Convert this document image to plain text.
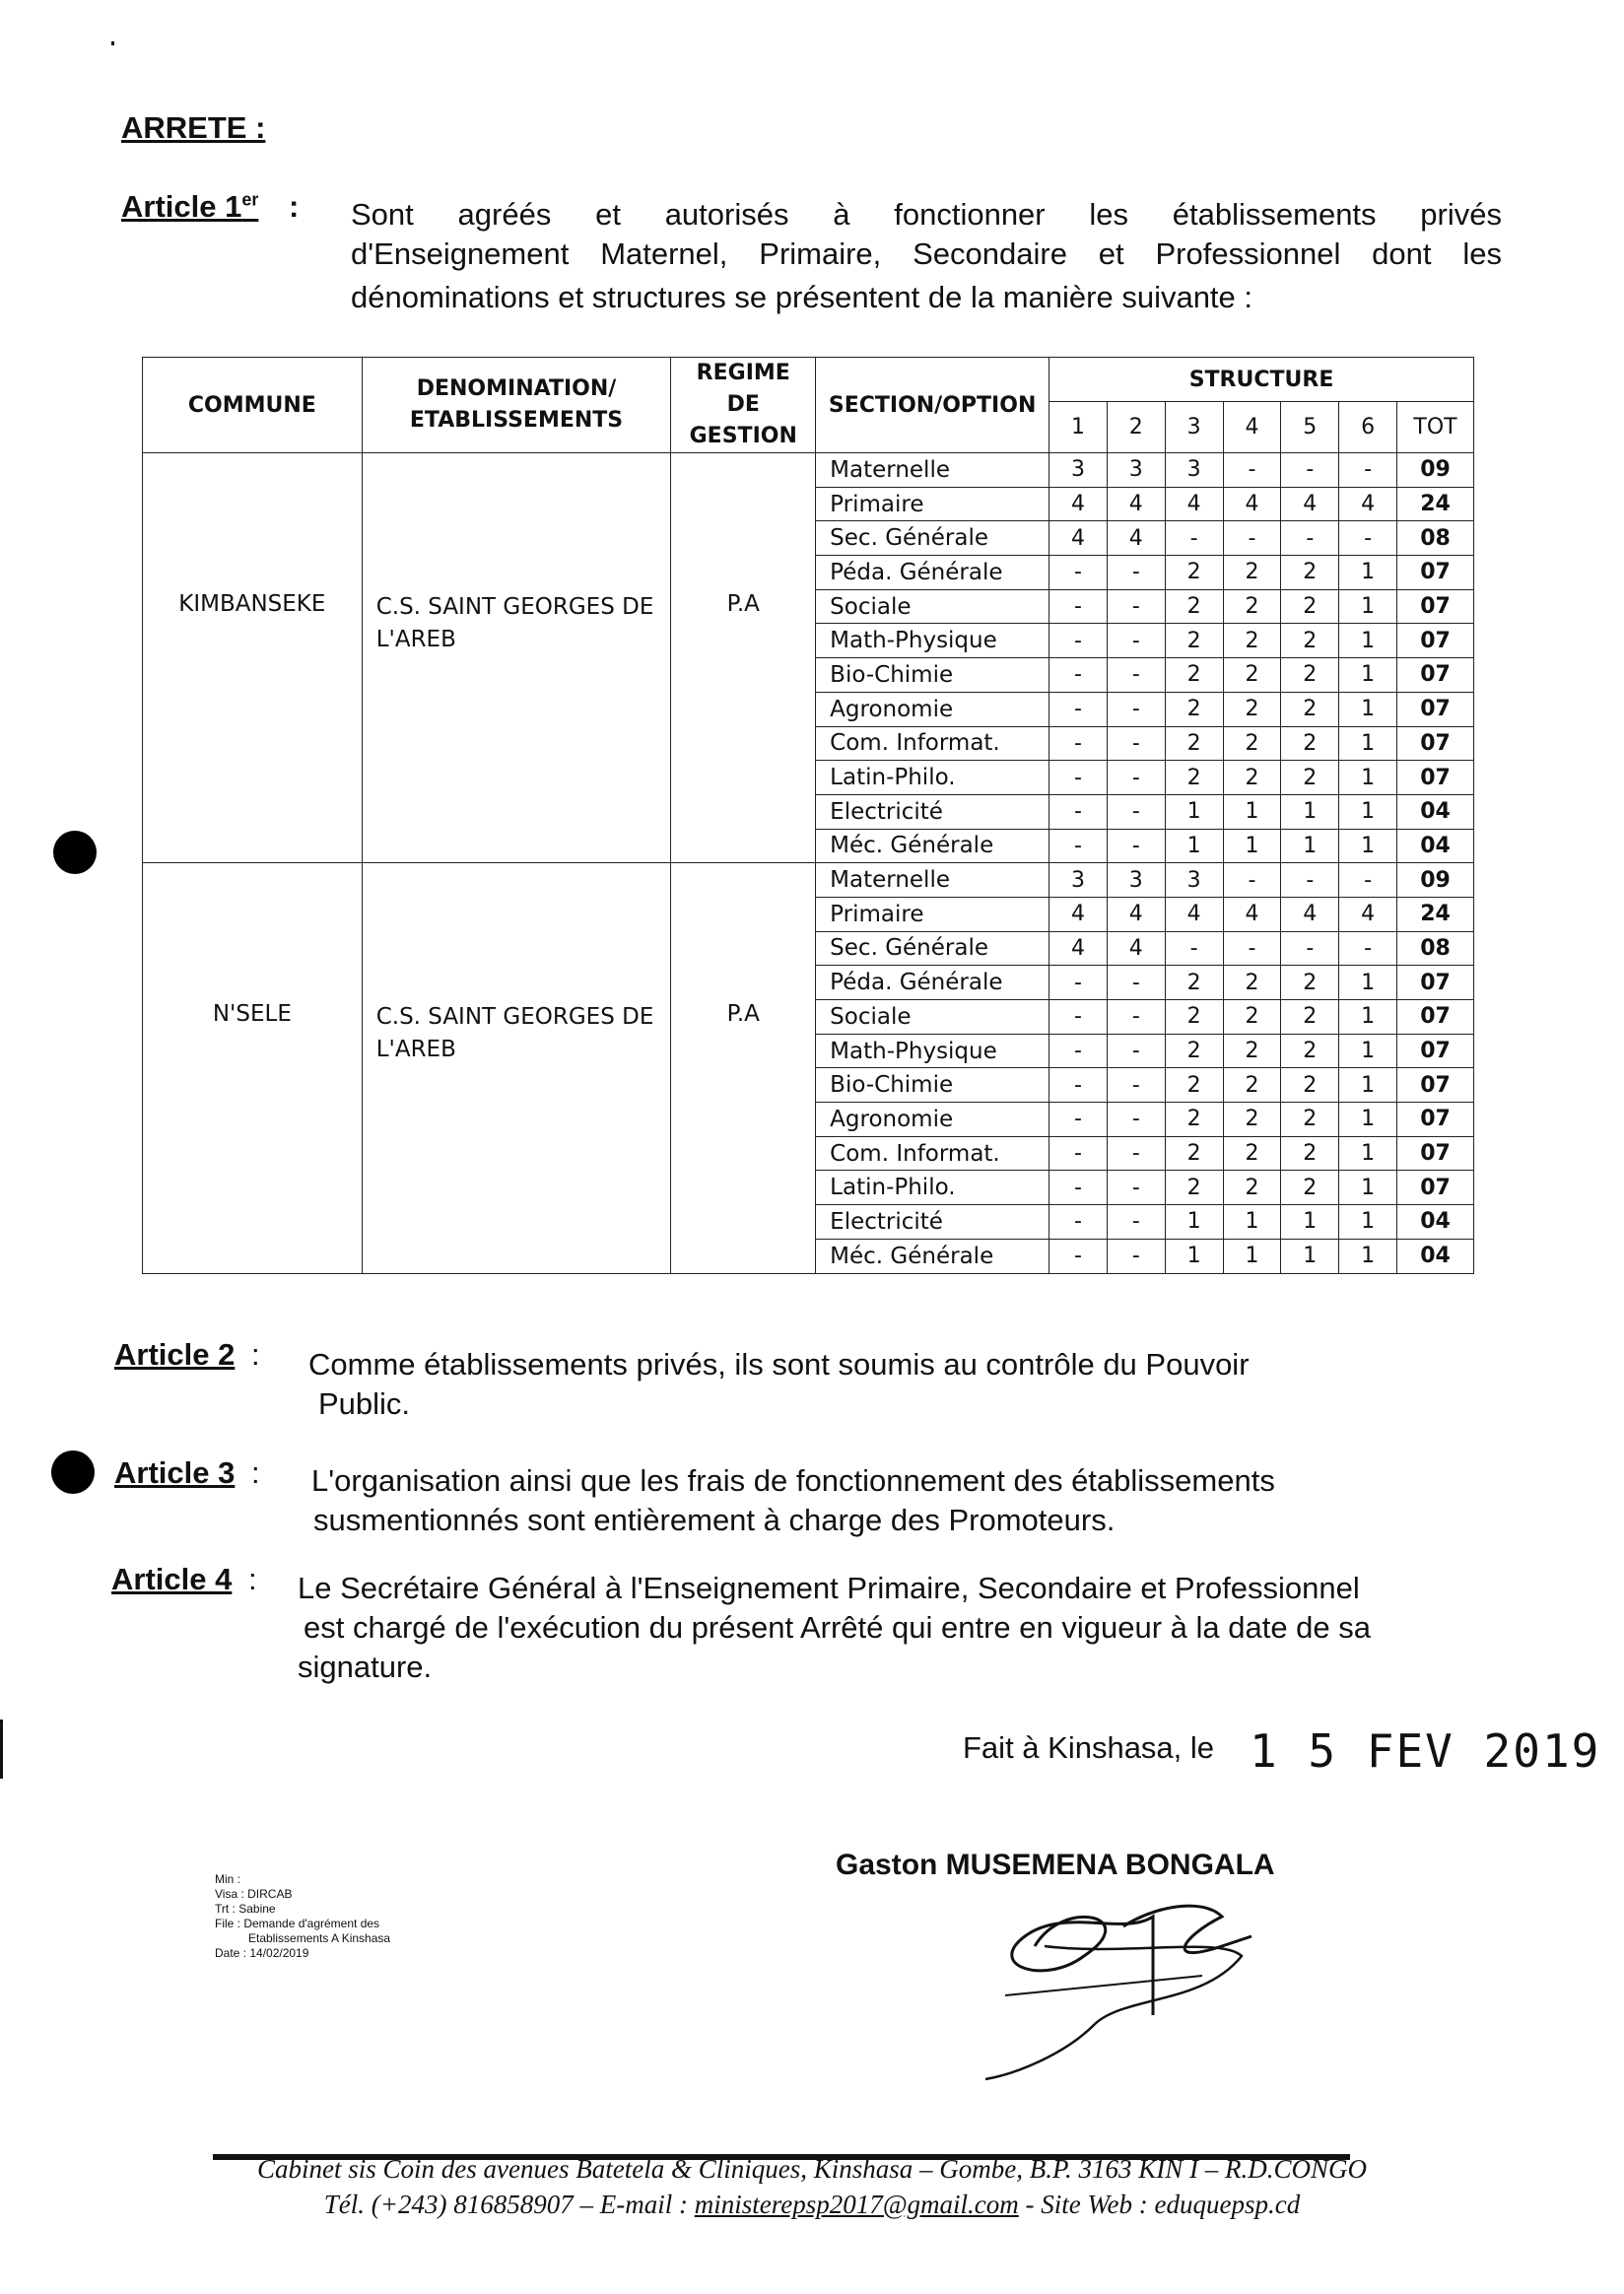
ARRETE :
Article 1er : Sont agréés et autorisés à fonctionner les établissements privés
d'Enseignement Maternel, Primaire, Secondaire et Professionnel dont les
dénominations et structures se présentent de la manière suivante :
COMMUNE	DENOMINATION/ ETABLISSEMENTS	REGIME
DE
GESTION	SECTION/OPTION	STRUCTURE						
				1	2	3	4	5	6	TOT

KIMBANSEKE	C.S. SAINT GEORGES DE L'AREB	P.A	Maternelle	3	3	3	-	-	-	09
			Primaire	4	4	4	4	4	4	24
			Sec. Générale	4	4	-	-	-	-	08
			Péda. Générale	-	-	2	2	2	1	07
			Sociale	-	-	2	2	2	1	07
			Math-Physique	-	-	2	2	2	1	07
			Bio-Chimie	-	-	2	2	2	1	07
			Agronomie	-	-	2	2	2	1	07
			Com. Informat.	-	-	2	2	2	1	07
			Latin-Philo.	-	-	2	2	2	1	07
			Electricité	-	-	1	1	1	1	04
			Méc. Générale	-	-	1	1	1	1	04

N'SELE	C.S. SAINT GEORGES DE L'AREB	P.A	Maternelle	3	3	3	-	-	-	09
			Primaire	4	4	4	4	4	4	24
			Sec. Générale	4	4	-	-	-	-	08
			Péda. Générale	-	-	2	2	2	1	07
			Sociale	-	-	2	2	2	1	07
			Math-Physique	-	-	2	2	2	1	07
			Bio-Chimie	-	-	2	2	2	1	07
			Agronomie	-	-	2	2	2	1	07
			Com. Informat.	-	-	2	2	2	1	07
			Latin-Philo.	-	-	2	2	2	1	07
			Electricité	-	-	1	1	1	1	04
			Méc. Générale	-	-	1	1	1	1	04
Article 2 : Comme établissements privés, ils sont soumis au contrôle du Pouvoir
Public.
Article 3 : L'organisation ainsi que les frais de fonctionnement des établissements
susmentionnés sont entièrement à charge des Promoteurs.
Article 4 : Le Secrétaire Général à l'Enseignement Primaire, Secondaire et Professionnel
est chargé de l'exécution du présent Arrêté qui entre en vigueur à la date de sa
signature.
Fait à Kinshasa, le 1 5 FEV 2019
Gaston MUSEMENA BONGALA
Min :
Visa : DIRCAB
Trt : Sabine
File : Demande d'agrément des
Etablissements A Kinshasa
Date : 14/02/2019
Cabinet sis Coin des avenues Batetela & Cliniques, Kinshasa – Gombe, B.P. 3163 KIN I – R.D.CONGO
Tél. (+243) 816858907 – E-mail : ministerepsp2017@gmail.com - Site Web : eduquepsp.cd
